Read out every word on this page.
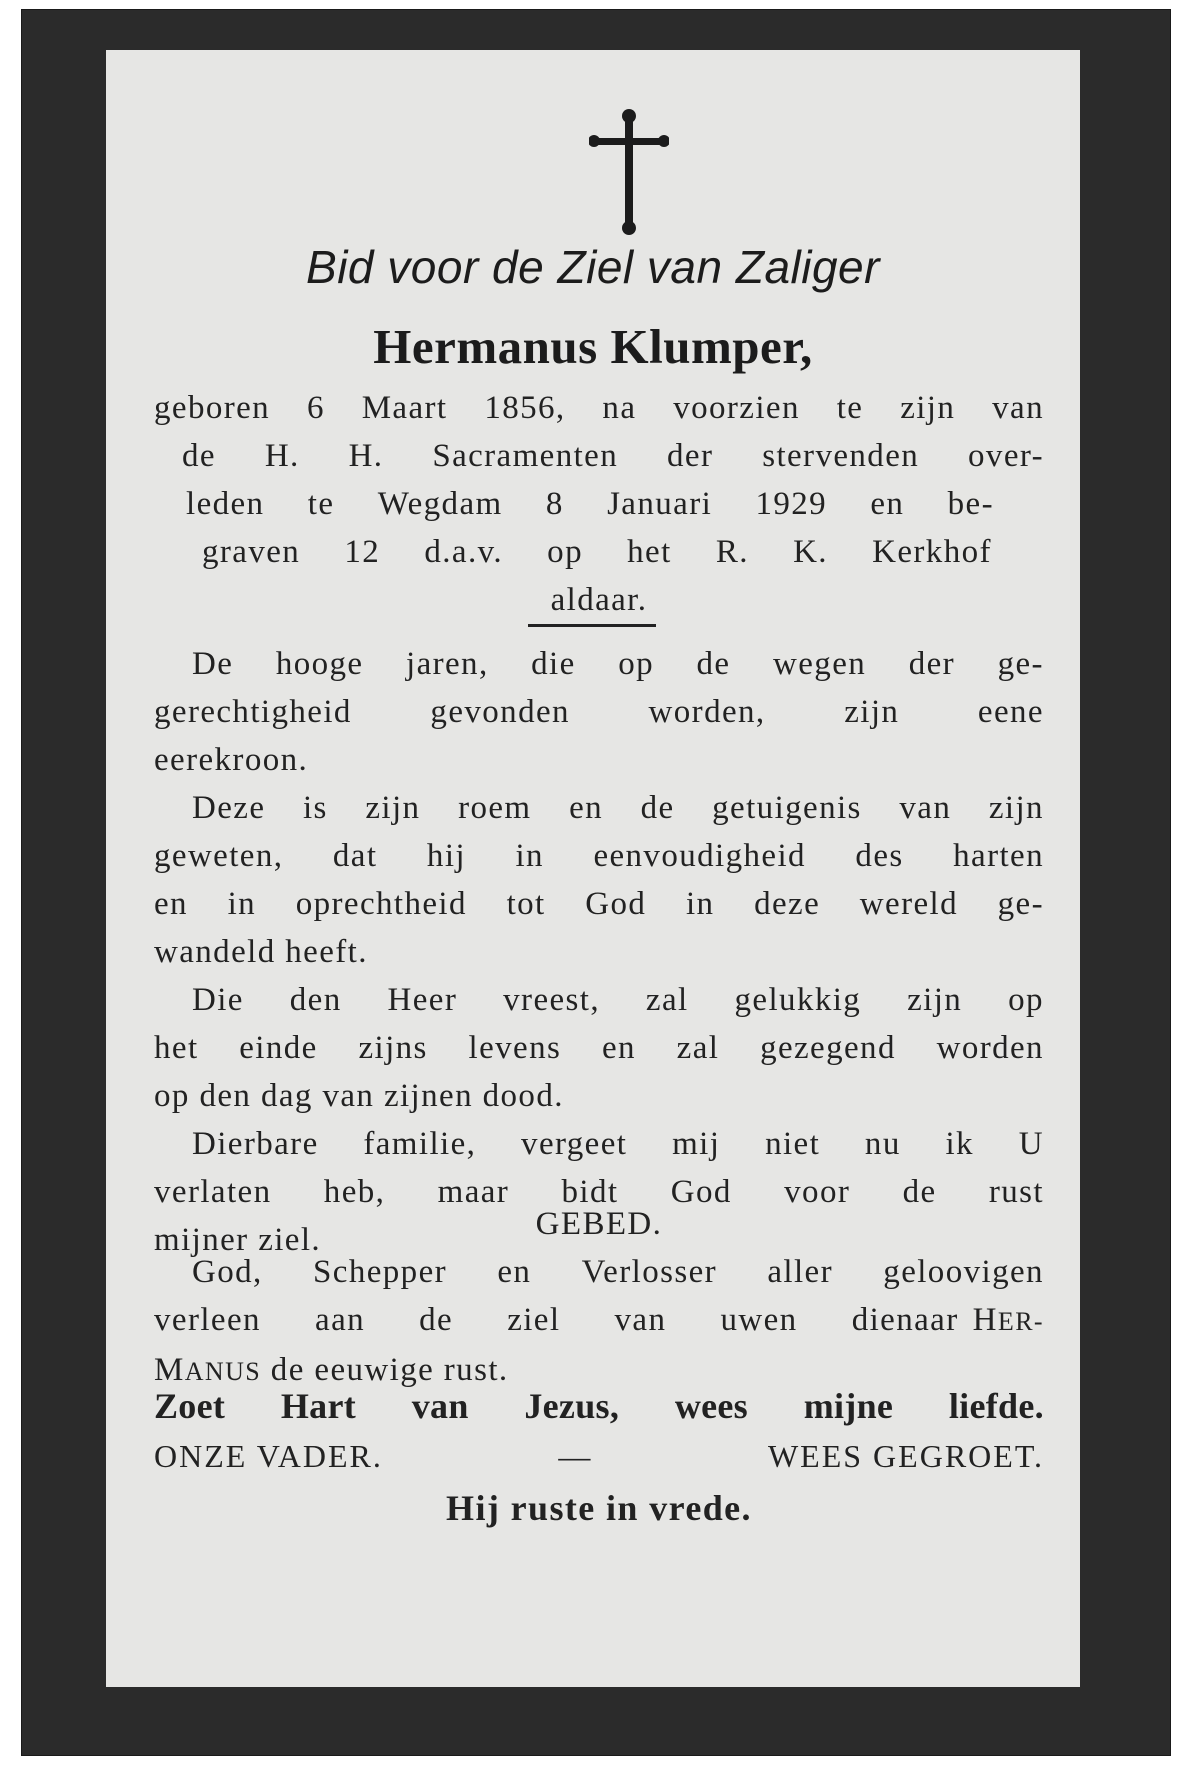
Bid voor de Ziel van Zaliger
Hermanus Klumper,
geboren 6 Maart 1856, na voorzien te zijn van
de H. H. Sacramenten der stervenden over-
leden te Wegdam 8 Januari 1929 en be-
graven 12 d.a.v. op het R. K. Kerkhof
aldaar.
De hooge jaren, die op de wegen der ge-
gerechtigheid gevonden worden, zijn eene
eerekroon.
Deze is zijn roem en de getuigenis van zijn
geweten, dat hij in eenvoudigheid des harten
en in oprechtheid tot God in deze wereld ge-
wandeld heeft.
Die den Heer vreest, zal gelukkig zijn op
het einde zijns levens en zal gezegend worden
op den dag van zijnen dood.
Dierbare familie, vergeet mij niet nu ik U
verlaten heb, maar bidt God voor de rust
mijner ziel.	GEBED.
God, Schepper en Verlosser aller geloovigen
verleen aan de ziel van uwen dienaar HER-
MANUS de eeuwige rust.
Zoet Hart van Jezus, wees mijne liefde.
ONZE VADER.	—	WEES GEGROET.
Hij ruste in vrede.
